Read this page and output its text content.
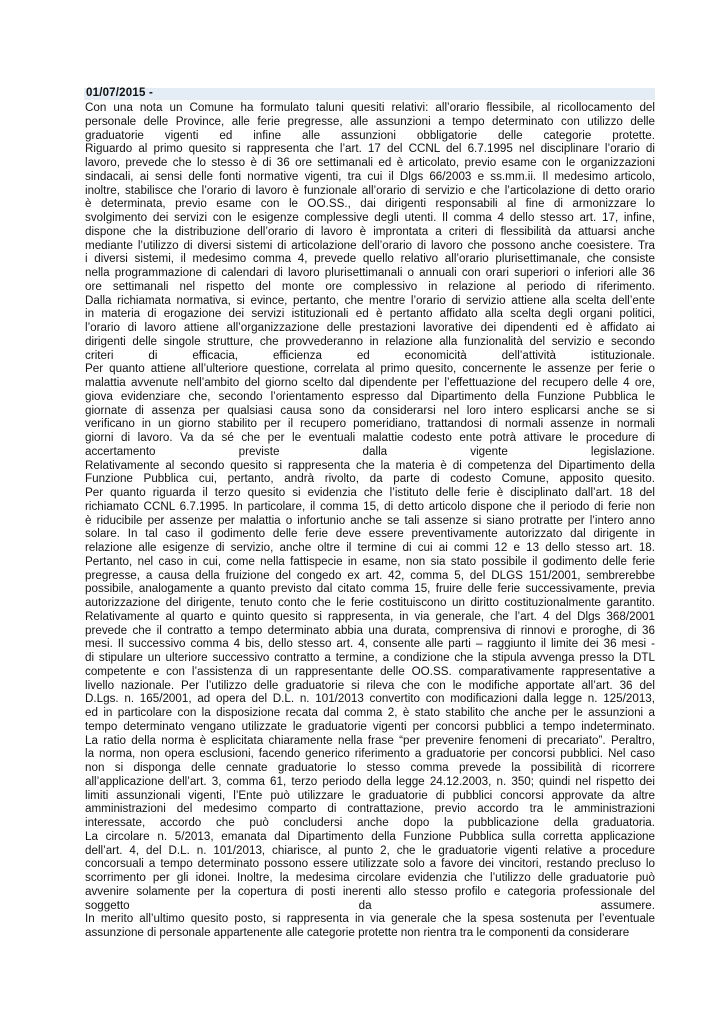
01/07/2015 -
Con una nota un Comune ha formulato taluni quesiti relativi: all’orario flessibile, al ricollocamento del
personale delle Province, alle ferie pregresse, alle assunzioni a tempo determinato con utilizzo delle
graduatorie vigenti ed infine alle assunzioni obbligatorie delle categorie protette.
Riguardo al primo quesito si rappresenta che l’art. 17 del CCNL del 6.7.1995 nel disciplinare l’orario di
lavoro, prevede che lo stesso è di 36 ore settimanali ed è articolato, previo esame con le organizzazioni
sindacali, ai sensi delle fonti normative vigenti, tra cui il Dlgs 66/2003 e ss.mm.ii. Il medesimo articolo,
inoltre, stabilisce che l’orario di lavoro è funzionale all’orario di servizio e che l’articolazione di detto orario
è determinata, previo esame con le OO.SS., dai dirigenti responsabili al fine di armonizzare lo
svolgimento dei servizi con le esigenze complessive degli utenti. Il comma 4 dello stesso art. 17, infine,
dispone che la distribuzione dell’orario di lavoro è improntata a criteri di flessibilità da attuarsi anche
mediante l’utilizzo di diversi sistemi di articolazione dell’orario di lavoro che possono anche coesistere. Tra
i diversi sistemi, il medesimo comma 4, prevede quello relativo all’orario plurisettimanale, che consiste
nella programmazione di calendari di lavoro plurisettimanali o annuali con orari superiori o inferiori alle 36
ore settimanali nel rispetto del monte ore complessivo in relazione al periodo di riferimento.
Dalla richiamata normativa, si evince, pertanto, che mentre l’orario di servizio attiene alla scelta dell’ente
in materia di erogazione dei servizi istituzionali ed è pertanto affidato alla scelta degli organi politici,
l’orario di lavoro attiene all’organizzazione delle prestazioni lavorative dei dipendenti ed è affidato ai
dirigenti delle singole strutture, che provvederanno in relazione alla funzionalità del servizio e secondo
criteri di efficacia, efficienza ed economicità dell’attività istituzionale.
Per quanto attiene all’ulteriore questione, correlata al primo quesito, concernente le assenze per ferie o
malattia avvenute nell’ambito del giorno scelto dal dipendente per l’effettuazione del recupero delle 4 ore,
giova evidenziare che, secondo l’orientamento espresso dal Dipartimento della Funzione Pubblica le
giornate di assenza per qualsiasi causa sono da considerarsi nel loro intero esplicarsi anche se si
verificano in un giorno stabilito per il recupero pomeridiano, trattandosi di normali assenze in normali
giorni di lavoro. Va da sé che per le eventuali malattie codesto ente potrà attivare le procedure di
accertamento previste dalla vigente legislazione.
Relativamente al secondo quesito si rappresenta che la materia è di competenza del Dipartimento della
Funzione Pubblica cui, pertanto, andrà rivolto, da parte di codesto Comune, apposito quesito.
Per quanto riguarda il terzo quesito si evidenzia che l’istituto delle ferie è disciplinato dall’art. 18 del
richiamato CCNL 6.7.1995. In particolare, il comma 15, di detto articolo dispone che il periodo di ferie non
è riducibile per assenze per malattia o infortunio anche se tali assenze si siano protratte per l’intero anno
solare. In tal caso il godimento delle ferie deve essere preventivamente autorizzato dal dirigente in
relazione alle esigenze di servizio, anche oltre il termine di cui ai commi 12 e 13 dello stesso art. 18.
Pertanto, nel caso in cui, come nella fattispecie in esame, non sia stato possibile il godimento delle ferie
pregresse, a causa della fruizione del congedo ex art. 42, comma 5, del DLGS 151/2001, sembrerebbe
possibile, analogamente a quanto previsto dal citato comma 15, fruire delle ferie successivamente, previa
autorizzazione del dirigente, tenuto conto che le ferie costituiscono un diritto costituzionalmente garantito.
Relativamente al quarto e quinto quesito si rappresenta, in via generale, che l’art. 4 del Dlgs 368/2001
prevede che il contratto a tempo determinato abbia una durata, comprensiva di rinnovi e proroghe, di 36
mesi. Il successivo comma 4 bis, dello stesso art. 4, consente alle parti – raggiunto il limite dei 36 mesi -
di stipulare un ulteriore successivo contratto a termine, a condizione che la stipula avvenga presso la DTL
competente e con l’assistenza di un rappresentante delle OO.SS. comparativamente rappresentative a
livello nazionale. Per l’utilizzo delle graduatorie si rileva che con le modifiche apportate all’art. 36 del
D.Lgs. n. 165/2001, ad opera del D.L. n. 101/2013 convertito con modificazioni dalla legge n. 125/2013,
ed in particolare con la disposizione recata dal comma 2, è stato stabilito che anche per le assunzioni a
tempo determinato vengano utilizzate le graduatorie vigenti per concorsi pubblici a tempo indeterminato.
La ratio della norma è esplicitata chiaramente nella frase “per prevenire fenomeni di precariato”. Peraltro,
la norma, non opera esclusioni, facendo generico riferimento a graduatorie per concorsi pubblici. Nel caso
non si disponga delle cennate graduatorie lo stesso comma prevede la possibilità di ricorrere
all’applicazione dell’art. 3, comma 61, terzo periodo della legge 24.12.2003, n. 350; quindi nel rispetto dei
limiti assunzionali vigenti, l’Ente può utilizzare le graduatorie di pubblici concorsi approvate da altre
amministrazioni del medesimo comparto di contrattazione, previo accordo tra le amministrazioni
interessate, accordo che può concludersi anche dopo la pubblicazione della graduatoria.
La circolare n. 5/2013, emanata dal Dipartimento della Funzione Pubblica sulla corretta applicazione
dell’art. 4, del D.L. n. 101/2013, chiarisce, al punto 2, che le graduatorie vigenti relative a procedure
concorsuali a tempo determinato possono essere utilizzate solo a favore dei vincitori, restando precluso lo
scorrimento per gli idonei. Inoltre, la medesima circolare evidenzia che l’utilizzo delle graduatorie può
avvenire solamente per la copertura di posti inerenti allo stesso profilo e categoria professionale del
soggetto da assumere.
In merito all’ultimo quesito posto, si rappresenta in via generale che la spesa sostenuta per l’eventuale
assunzione di personale appartenente alle categorie protette non rientra tra le componenti da considerare
